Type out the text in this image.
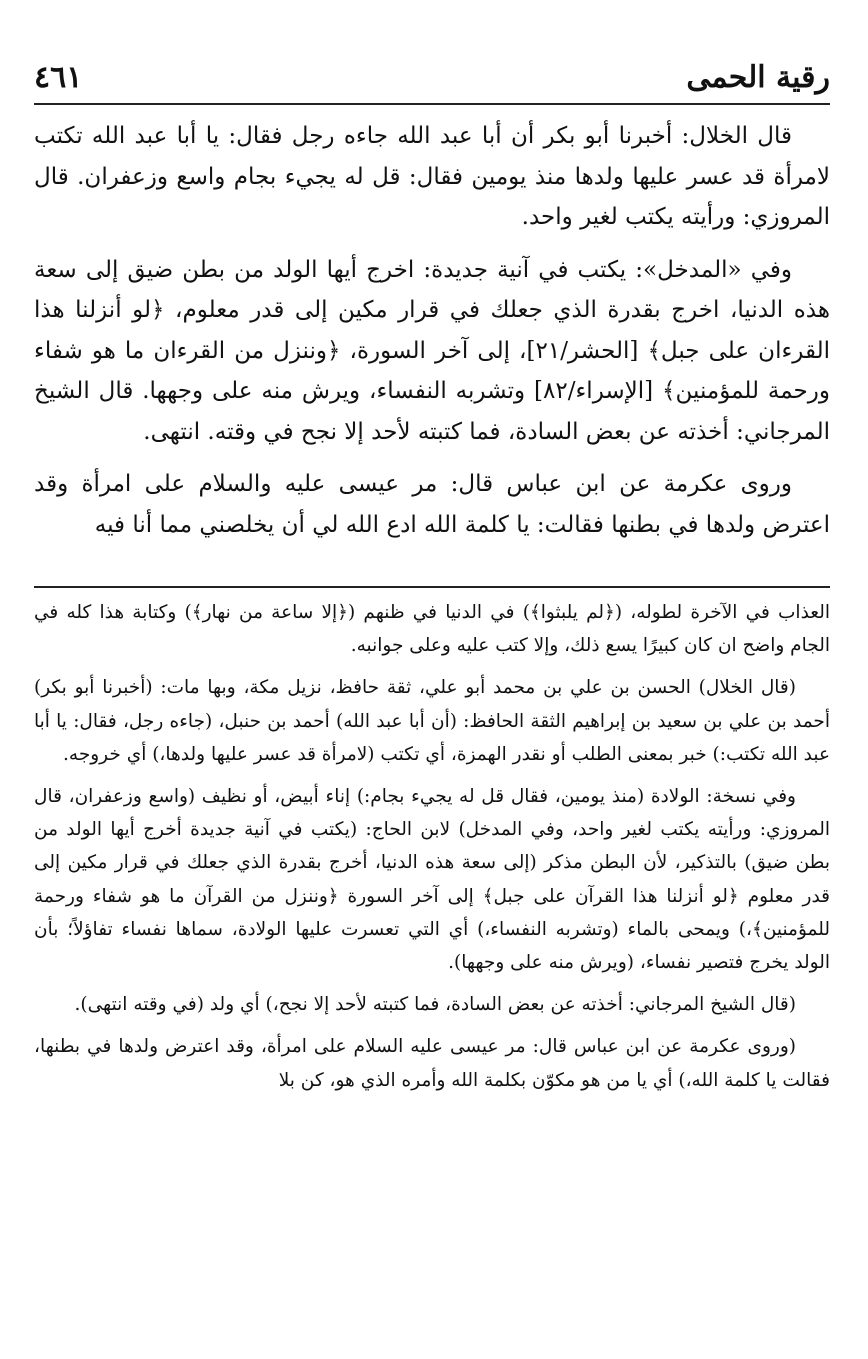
رقية الحمى
٤٦١

قال الخلال: أخبرنا أبو بكر أن أبا عبد الله جاءه رجل فقال: يا أبا عبد الله تكتب لامرأة قد عسر عليها ولدها منذ يومين فقال: قل له يجيء بجام واسع وزعفران. قال المروزي: ورأيته يكتب لغير واحد.

وفي «المدخل»: يكتب في آنية جديدة: اخرج أيها الولد من بطن ضيق إلى سعة هذه الدنيا، اخرج بقدرة الذي جعلك في قرار مكين إلى قدر معلوم، ﴿لو أنزلنا هذا القرءان على جبل﴾ [الحشر/٢١]، إلى آخر السورة، ﴿وننزل من القرءان ما هو شفاء ورحمة للمؤمنين﴾ [الإسراء/٨٢] وتشربه النفساء، ويرش منه على وجهها. قال الشيخ المرجاني: أخذته عن بعض السادة، فما كتبته لأحد إلا نجح في وقته. انتهى.

وروى عكرمة عن ابن عباس قال: مر عيسى عليه والسلام على امرأة وقد اعترض ولدها في بطنها فقالت: يا كلمة الله ادع الله لي أن يخلصني مما أنا فيه

العذاب في الآخرة لطوله، (﴿لم يلبثوا﴾) في الدنيا في ظنهم (﴿إلا ساعة من نهار﴾) وكتابة هذا كله في الجام واضح ان كان كبيرًا يسع ذلك، وإلا كتب عليه وعلى جوانبه.

(قال الخلال) الحسن بن علي بن محمد أبو علي، ثقة حافظ، نزيل مكة، وبها مات: (أخبرنا أبو بكر) أحمد بن علي بن سعيد بن إبراهيم الثقة الحافظ: (أن أبا عبد الله) أحمد بن حنبل، (جاءه رجل، فقال: يا أبا عبد الله تكتب:) خبر بمعنى الطلب أو نقدر الهمزة، أي تكتب (لامرأة قد عسر عليها ولدها،) أي خروجه.

وفي نسخة: الولادة (منذ يومين، فقال قل له يجيء بجام:) إناء أبيض، أو نظيف (واسع وزعفران، قال المروزي: ورأيته يكتب لغير واحد، وفي المدخل) لابن الحاج: (يكتب في آنية جديدة أخرج أيها الولد من بطن ضيق) بالتذكير، لأن البطن مذكر (إلى سعة هذه الدنيا، أخرج بقدرة الذي جعلك في قرار مكين إلى قدر معلوم ﴿لو أنزلنا هذا القرآن على جبل﴾ إلى آخر السورة ﴿وننزل من القرآن ما هو شفاء ورحمة للمؤمنين﴾،) ويمحى بالماء (وتشربه النفساء،) أي التي تعسرت عليها الولادة، سماها نفساء تفاؤلاً؛ بأن الولد يخرج فتصير نفساء، (ويرش منه على وجهها).

(قال الشيخ المرجاني: أخذته عن بعض السادة، فما كتبته لأحد إلا نجح،) أي ولد (في وقته انتهى).

(وروى عكرمة عن ابن عباس قال: مر عيسى عليه السلام على امرأة، وقد اعترض ولدها في بطنها، فقالت يا كلمة الله،) أي يا من هو مكوّن بكلمة الله وأمره الذي هو، كن بلا
